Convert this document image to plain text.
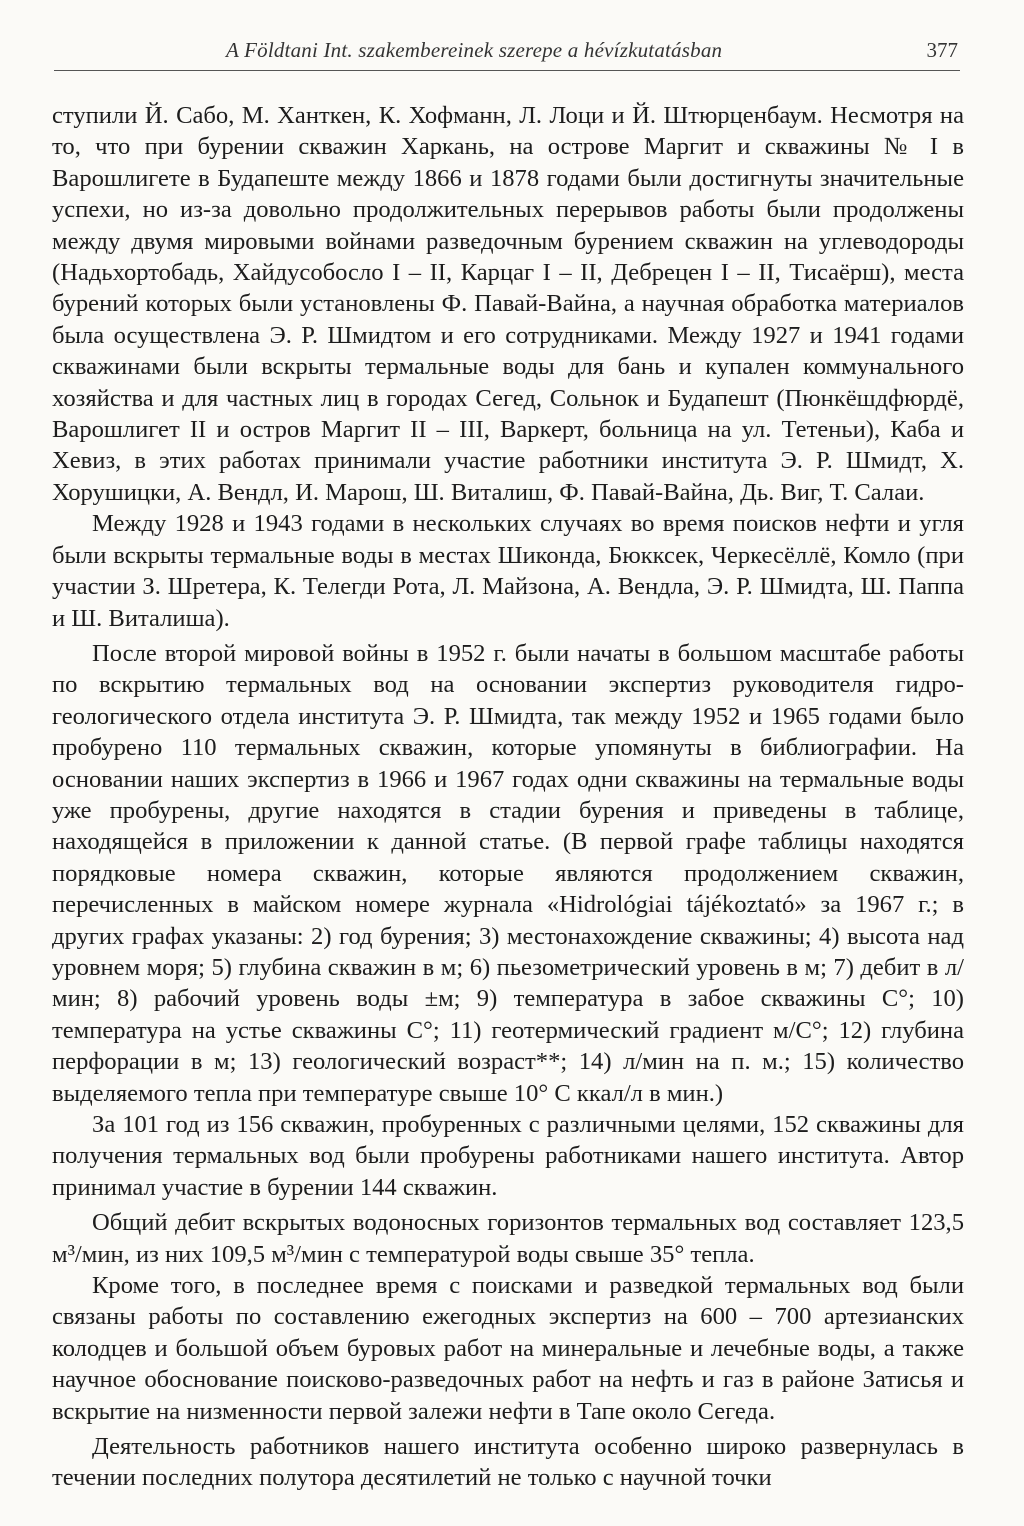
A Földtani Int. szakembereinek szerepe a hévízkutatásban	377

ступили Й. Сабо, М. Ханткен, К. Хофманн, Л. Лоци и Й. Штюрценбаум. Несмотря на то, что при бурении скважин Харкань, на острове Маргит и скважины № I в Варошлигете в Будапеште между 1866 и 1878 годами были достигнуты значительные успехи, но из-за довольно продолжительных перерывов работы были продолжены между двумя мировыми войнами разведочным бурением скважин на углеводороды (Надьхортобадь, Хайдусобосло I – II, Карцаг I – II, Дебрецен I – II, Тисаёрш), места бурений которых были установлены Ф. Павай-Вайна, а научная обработка материалов была осуществлена Э. Р. Шмидтом и его сотрудниками. Между 1927 и 1941 годами скважинами были вскрыты термальные воды для бань и купален коммунального хозяйства и для частных лиц в городах Сегед, Сольнок и Будапешт (Пюнкёшдфюрдё, Варошлигет II и остров Маргит II – III, Варкерт, больница на ул. Тетеньи), Каба и Хевиз, в этих работах принимали участие работники института Э. Р. Шмидт, Х. Хорушицки, А. Вендл, И. Марош, Ш. Виталиш, Ф. Павай-Вайна, Дь. Виг, Т. Салаи.

Между 1928 и 1943 годами в нескольких случаях во время поисков нефти и угля были вскрыты термальные воды в местах Шиконда, Бюкксек, Черкесёллё, Комло (при участии З. Шретера, К. Телегди Рота, Л. Майзона, А. Вендла, Э. Р. Шмидта, Ш. Паппа и Ш. Виталиша).

После второй мировой войны в 1952 г. были начаты в большом масштабе работы по вскрытию термальных вод на основании экспертиз руководителя гидро-геологического отдела института Э. Р. Шмидта, так между 1952 и 1965 годами было пробурено 110 термальных скважин, которые упомянуты в библиографии. На основании наших экспертиз в 1966 и 1967 годах одни скважины на термальные воды уже пробурены, другие находятся в стадии бурения и приведены в таблице, находящейся в приложении к данной статье. (В первой графе таблицы находятся порядковые номера скважин, которые являются продолжением скважин, перечисленных в майском номере журнала «Hidrológiai tájékoztató» за 1967 г.; в других графах указаны: 2) год бурения; 3) местонахождение скважины; 4) высота над уровнем моря; 5) глубина скважин в м; 6) пьезометрический уровень в м; 7) дебит в л/мин; 8) рабочий уровень воды ±м; 9) температура в забое скважины C°; 10) температура на устье скважины C°; 11) геотермический градиент м/C°; 12) глубина перфорации в м; 13) геологический возраст**; 14) л/мин на п. м.; 15) количество выделяемого тепла при температуре свыше 10° C ккал/л в мин.)

За 101 год из 156 скважин, пробуренных с различными целями, 152 скважины для получения термальных вод были пробурены работниками нашего института. Автор принимал участие в бурении 144 скважин.

Общий дебит вскрытых водоносных горизонтов термальных вод составляет 123,5 м³/мин, из них 109,5 м³/мин с температурой воды свыше 35° тепла.

Кроме того, в последнее время с поисками и разведкой термальных вод были связаны работы по составлению ежегодных экспертиз на 600 – 700 артезианских колодцев и большой объем буровых работ на минеральные и лечебные воды, а также научное обоснование поисково-разведочных работ на нефть и газ в районе Затисья и вскрытие на низменности первой залежи нефти в Тапе около Сегеда.

Деятельность работников нашего института особенно широко развернулась в течении последних полутора десятилетий не только с научной точки
